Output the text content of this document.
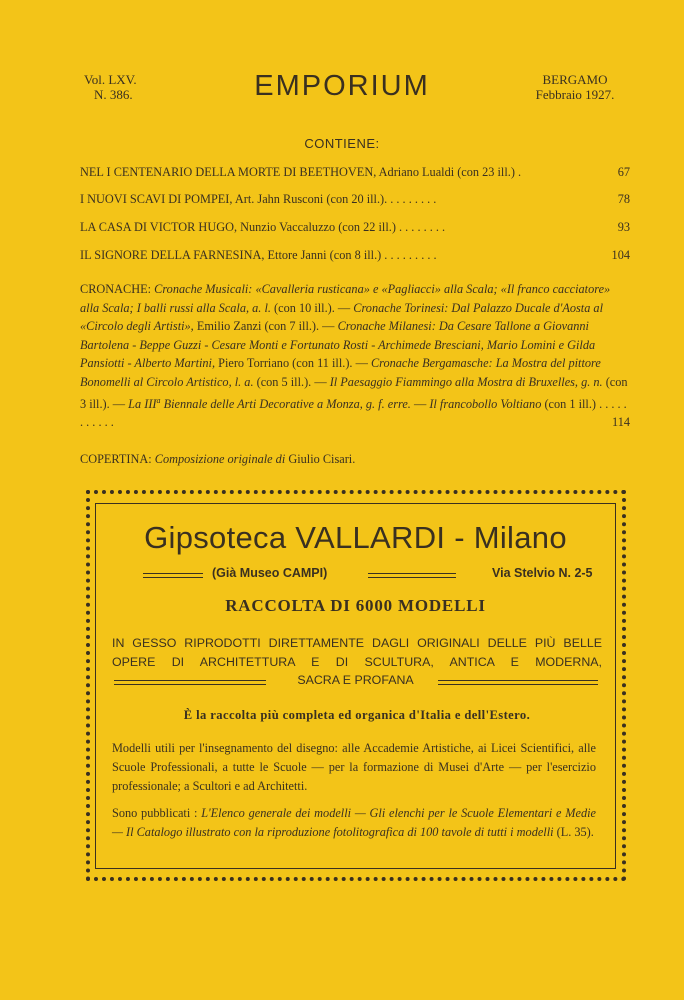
Vol. LXV.
N. 386.	EMPORIUM	BERGAMO
Febbraio 1927.
CONTIENE:
NEL I CENTENARIO DELLA MORTE DI BEETHOVEN, Adriano Lualdi (con 23 ill.) .	67
I NUOVI SCAVI DI POMPEI, Art. Jahn Rusconi (con 20 ill.). . . . . . . . .	78
LA CASA DI VICTOR HUGO, Nunzio Vaccaluzzo (con 22 ill.) . . . . . . . .	93
IL SIGNORE DELLA FARNESINA, Ettore Janni (con 8 ill.) . . . . . . . . .	104
CRONACHE: Cronache Musicali: «Cavalleria rusticana» e «Pagliacci» alla Scala; «Il franco cacciatore» alla Scala; I balli russi alla Scala, a. l. (con 10 ill.). — Cronache Torinesi: Dal Palazzo Ducale d'Aosta al «Circolo degli Artisti», Emilio Zanzi (con 7 ill.). — Cronache Milanesi: Da Cesare Tallone a Giovanni Bartolena - Beppe Guzzi - Cesare Monti e Fortunato Rosti - Archimede Bresciani, Mario Lomini e Gilda Pansiotti - Alberto Martini, Piero Torriano (con 11 ill.). — Cronache Bergamasche: La Mostra del pittore Bonomelli al Circolo Artistico, l. a. (con 5 ill.). — Il Paesaggio Fiammingo alla Mostra di Bruxelles, g. n. (con 3 ill.). — La III$^a$ Biennale delle Arti Decorative a Monza, g. f. erre. — Il francobollo Voltiano (con 1 ill.) . . . . . . . . . . .	114
COPERTINA: Composizione originale di Giulio Cisari.
Gipsoteca VALLARDI - Milano
(Già Museo CAMPI)	Via Stelvio N. 2-5
RACCOLTA DI 6000 MODELLI
IN GESSO RIPRODOTTI DIRETTAMENTE DAGLI ORIGINALI DELLE PIÙ BELLE OPERE DI ARCHITETTURA E DI SCULTURA, ANTICA E MODERNA,
SACRA E PROFANA
È la raccolta più completa ed organica d'Italia e dell'Estero.
Modelli utili per l'insegnamento del disegno: alle Accademie Artistiche, ai Licei Scientifici, alle Scuole Professionali, a tutte le Scuole — per la formazione di Musei d'Arte — per l'esercizio professionale; a Scultori e ad Architetti.
Sono pubblicati : L'Elenco generale dei modelli — Gli elenchi per le Scuole Elementari e Medie — Il Catalogo illustrato con la riproduzione fotolitografica di 100 tavole di tutti i modelli (L. 35).
